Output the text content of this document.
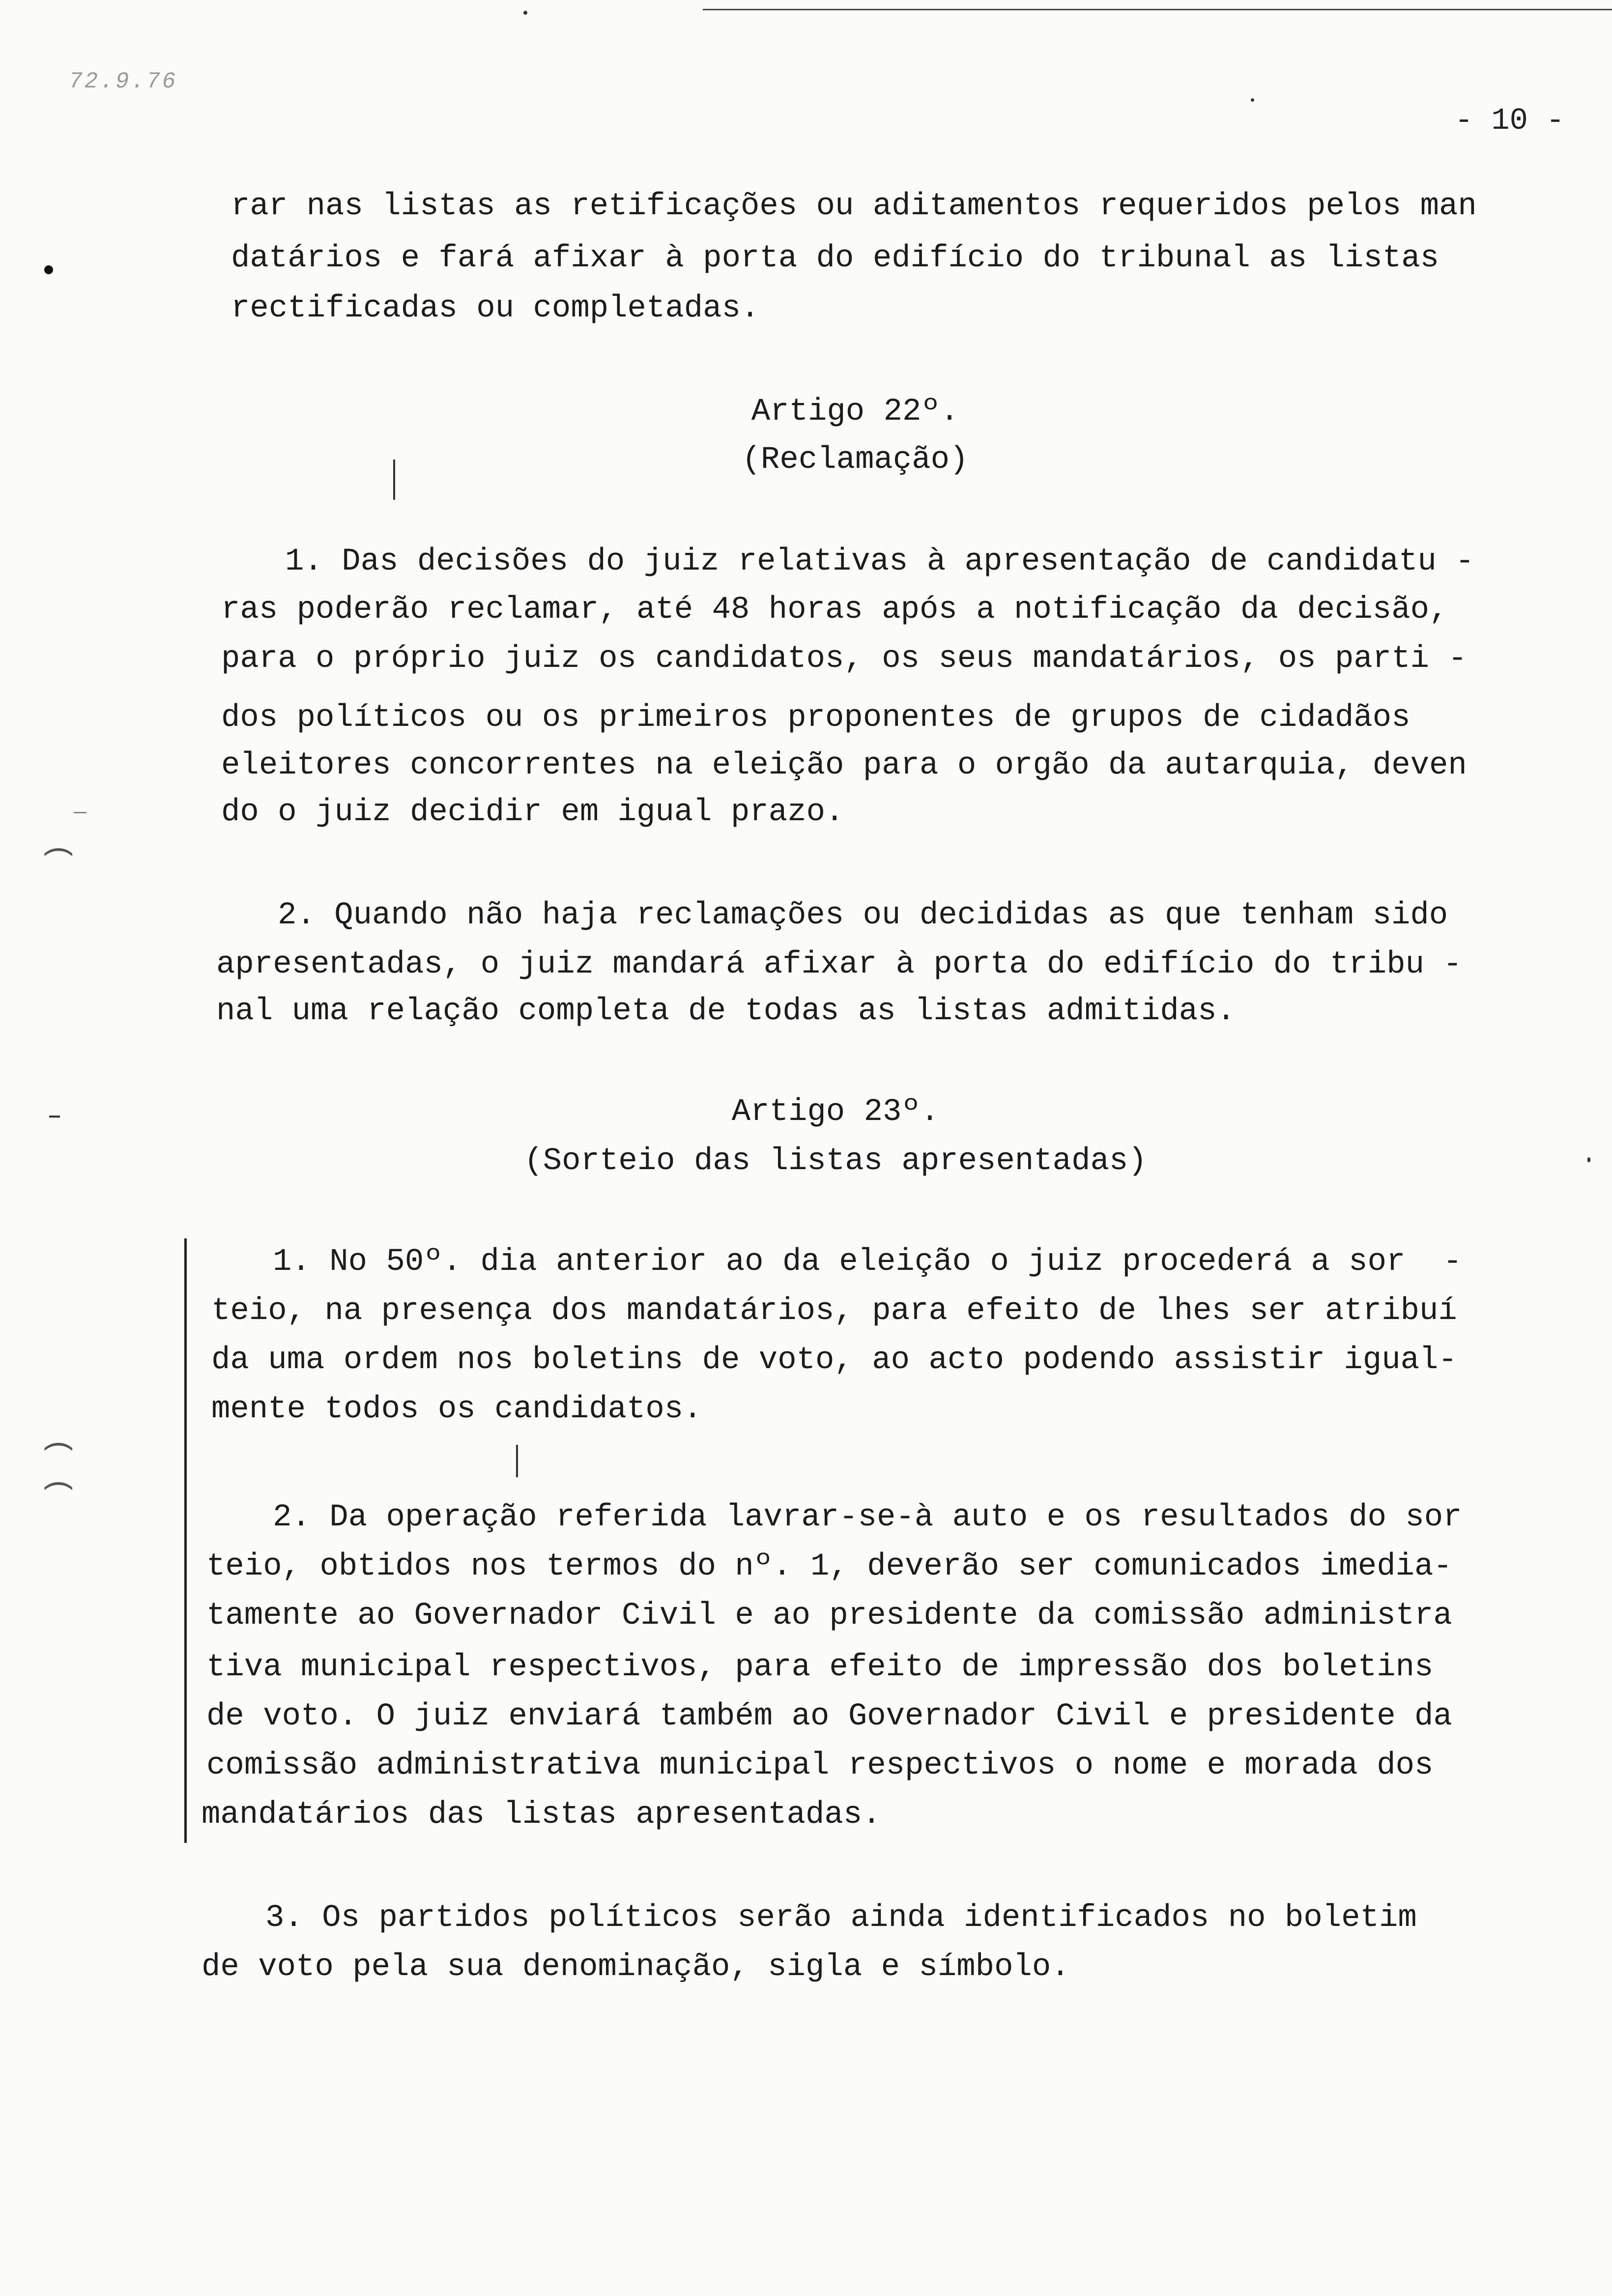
72.9.76
- 10 -

rar nas listas as retificações ou aditamentos requeridos pelos man

datários e fará afixar à porta do edifício do tribunal as listas

rectificadas ou completadas.

Artigo 22º.

(Reclamação)

1. Das decisões do juiz relativas à apresentação de candidatu -

ras poderão reclamar, até 48 horas após a notificação da decisão,

para o próprio juiz os candidatos, os seus mandatários, os parti -

dos políticos ou os primeiros proponentes de grupos de cidadãos

eleitores concorrentes na eleição para o orgão da autarquia, deven

do o juiz decidir em igual prazo.

2. Quando não haja reclamações ou decididas as que tenham sido

apresentadas, o juiz mandará afixar à porta do edifício do tribu -

nal uma relação completa de todas as listas admitidas.

Artigo 23º.

(Sorteio das listas apresentadas)

1. No 50º. dia anterior ao da eleição o juiz procederá a sor  -

teio, na presença dos mandatários, para efeito de lhes ser atribuí

da uma ordem nos boletins de voto, ao acto podendo assistir igual-

mente todos os candidatos.

2. Da operação referida lavrar-se-à auto e os resultados do sor

teio, obtidos nos termos do nº. 1, deverão ser comunicados imedia-

tamente ao Governador Civil e ao presidente da comissão administra

tiva municipal respectivos, para efeito de impressão dos boletins

de voto. O juiz enviará também ao Governador Civil e presidente da

comissão administrativa municipal respectivos o nome e morada dos

mandatários das listas apresentadas.

3. Os partidos políticos serão ainda identificados no boletim

de voto pela sua denominação, sigla e símbolo.

(
(
(
